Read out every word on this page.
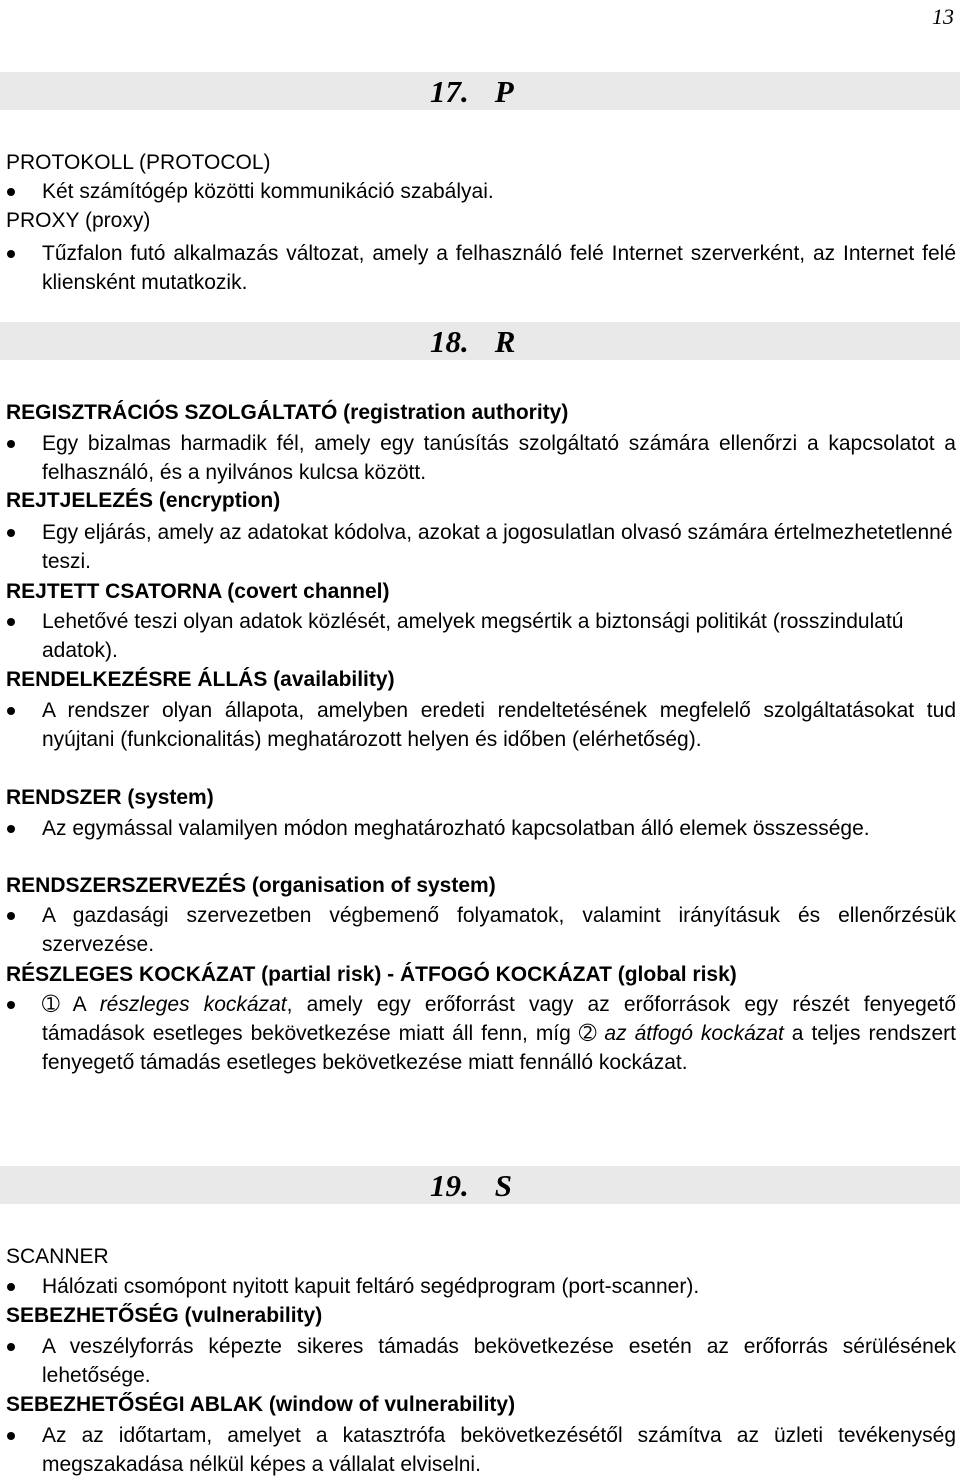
13
17. P
PROTOKOLL (PROTOCOL)
Két számítógép közötti kommunikáció szabályai.
PROXY (proxy)
Tűzfalon futó alkalmazás változat, amely a felhasználó felé Internet szerverként, az Internet felé kliensként mutatkozik.
18. R
REGISZTRÁCIÓS SZOLGÁLTATÓ (registration authority)
Egy bizalmas harmadik fél, amely egy tanúsítás szolgáltató számára ellenőrzi a kapcsolatot a felhasználó, és a nyilvános kulcsa között.
REJTJELEZÉS (encryption)
Egy eljárás, amely az adatokat kódolva, azokat a jogosulatlan olvasó számára értelmezhetetlenné teszi.
REJTETT CSATORNA (covert channel)
Lehetővé teszi olyan adatok közlését, amelyek megsértik a biztonsági politikát (rosszindulatú adatok).
RENDELKEZÉSRE ÁLLÁS (availability)
A rendszer olyan állapota, amelyben eredeti rendeltetésének megfelelő szolgáltatásokat tud nyújtani (funkcionalitás) meghatározott helyen és időben (elérhetőség).
RENDSZER (system)
Az egymással valamilyen módon meghatározható kapcsolatban álló elemek összessége.
RENDSZERSZERVEZÉS (organisation of system)
A gazdasági szervezetben végbemenő folyamatok, valamint irányításuk és ellenőrzésük szervezése.
RÉSZLEGES KOCKÁZAT (partial risk) - ÁTFOGÓ KOCKÁZAT (global risk)
➀ A részleges kockázat, amely egy erőforrást vagy az erőforrások egy részét fenyegető támadások esetleges bekövetkezése miatt áll fenn, míg ➁ az átfogó kockázat a teljes rendszert fenyegető támadás esetleges bekövetkezése miatt fennálló kockázat.
19. S
SCANNER
Hálózati csomópont nyitott kapuit feltáró segédprogram (port-scanner).
SEBEZHETŐSÉG (vulnerability)
A veszélyforrás képezte sikeres támadás bekövetkezése esetén az erőforrás sérülésének lehetősége.
SEBEZHETŐSÉGI ABLAK (window of vulnerability)
Az az időtartam, amelyet a katasztrófa bekövetkezésétől számítva az üzleti tevékenység megszakadása nélkül képes a vállalat elviselni.
